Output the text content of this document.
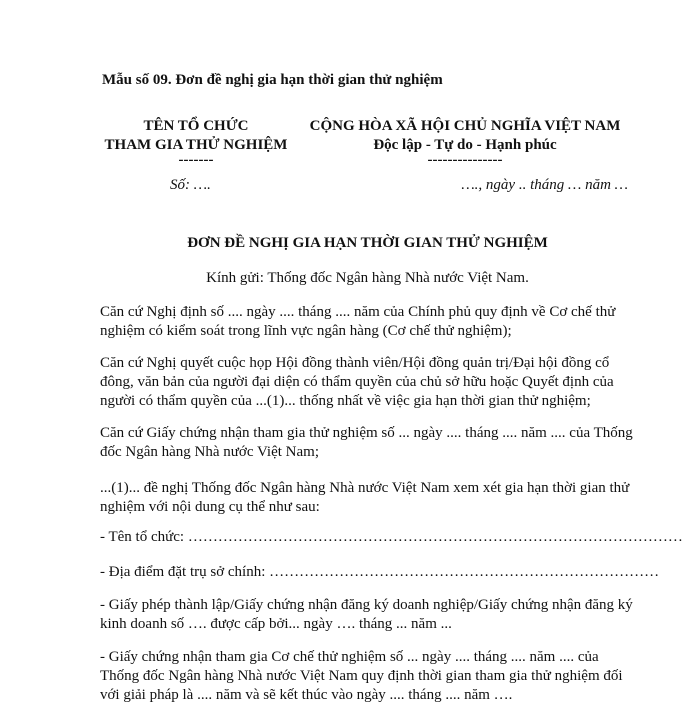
Mẫu số 09. Đơn đề nghị gia hạn thời gian thử nghiệm
TÊN TỔ CHỨC
THAM GIA THỬ NGHIỆM
-------
CỘNG HÒA XÃ HỘI CHỦ NGHĨA VIỆT NAM
Độc lập - Tự do - Hạnh phúc
---------------
Số: ….	…., ngày .. tháng … năm …
ĐƠN ĐỀ NGHỊ GIA HẠN THỜI GIAN THỬ NGHIỆM
Kính gửi: Thống đốc Ngân hàng Nhà nước Việt Nam.
Căn cứ Nghị định số .... ngày .... tháng .... năm của Chính phủ quy định về Cơ chế thử nghiệm có kiểm soát trong lĩnh vực ngân hàng (Cơ chế thử nghiệm);
Căn cứ Nghị quyết cuộc họp Hội đồng thành viên/Hội đồng quản trị/Đại hội đồng cổ đông, văn bản của người đại diện có thẩm quyền của chủ sở hữu hoặc Quyết định của người có thẩm quyền của ...(1)... thống nhất về việc gia hạn thời gian thử nghiệm;
Căn cứ Giấy chứng nhận tham gia thử nghiệm số ... ngày .... tháng .... năm .... của Thống đốc Ngân hàng Nhà nước Việt Nam;
...(1)... đề nghị Thống đốc Ngân hàng Nhà nước Việt Nam xem xét gia hạn thời gian thử nghiệm với nội dung cụ thể như sau:
- Tên tổ chức: ………………………………………………………………………………………
- Địa điểm đặt trụ sở chính: ……………………………………………………………………
- Giấy phép thành lập/Giấy chứng nhận đăng ký doanh nghiệp/Giấy chứng nhận đăng ký kinh doanh số …. được cấp bởi... ngày …. tháng ... năm ...
- Giấy chứng nhận tham gia Cơ chế thử nghiệm số ... ngày .... tháng .... năm .... của Thống đốc Ngân hàng Nhà nước Việt Nam quy định thời gian tham gia thử nghiệm đối với giải pháp là .... năm và sẽ kết thúc vào ngày .... tháng .... năm ….
